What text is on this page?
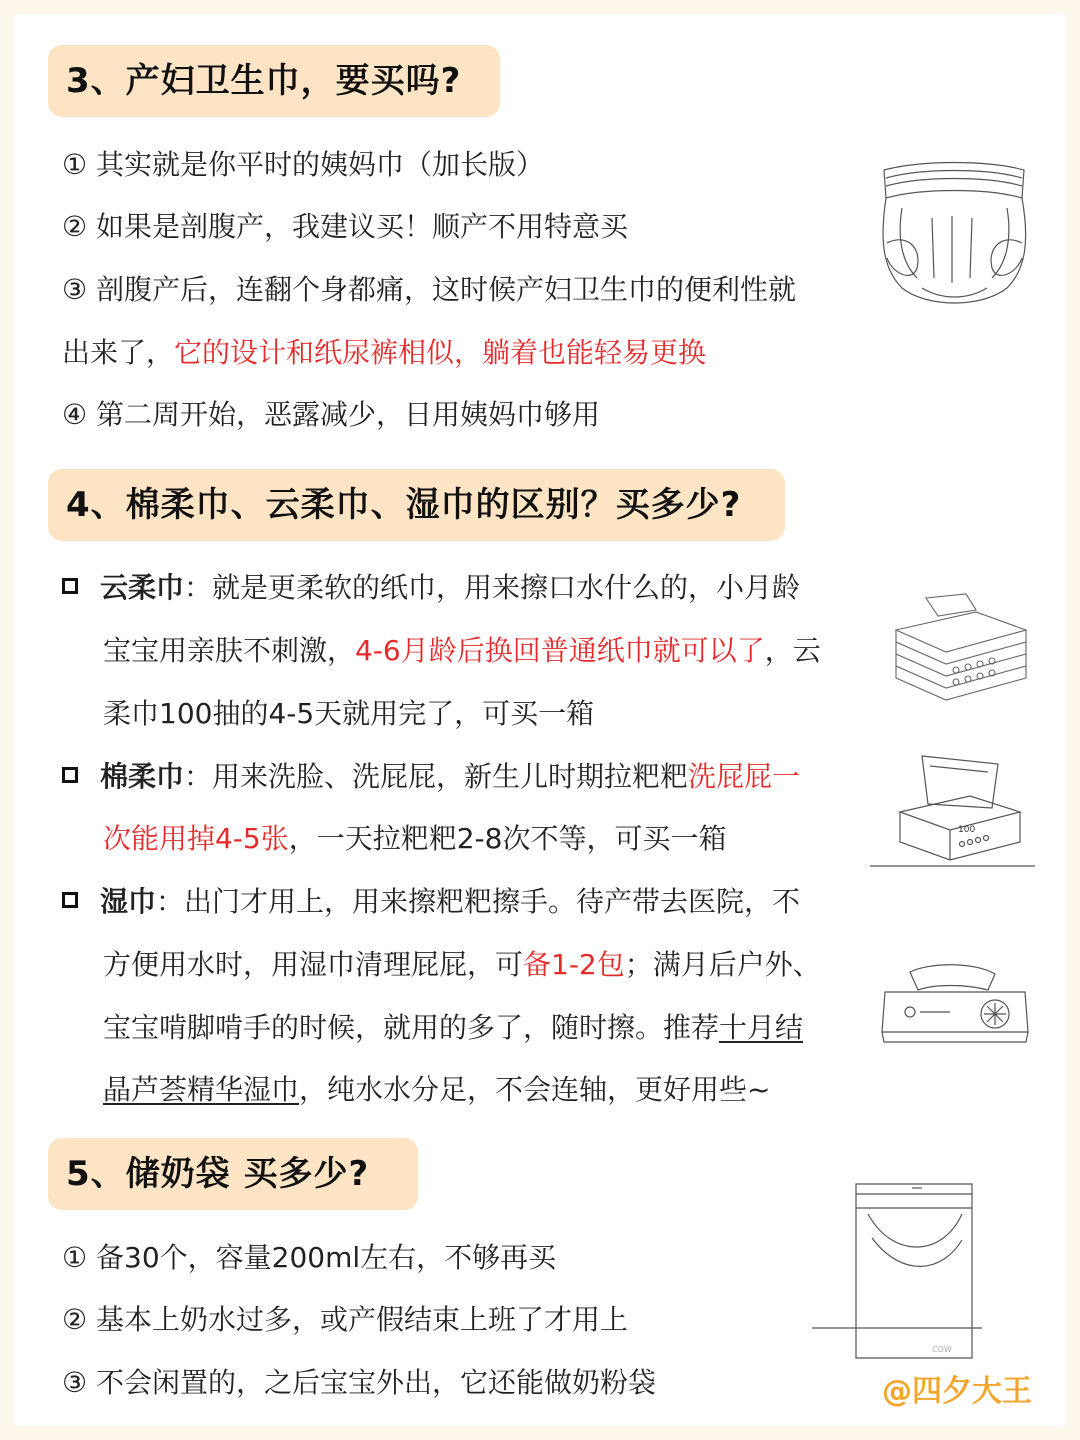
3、产妇卫生巾，要买吗?
① 其实就是你平时的姨妈巾（加长版）
② 如果是剖腹产，我建议买！顺产不用特意买
③ 剖腹产后，连翻个身都痛，这时候产妇卫生巾的便利性就
出来了，它的设计和纸尿裤相似，躺着也能轻易更换
④ 第二周开始，恶露减少，日用姨妈巾够用
4、棉柔巾、云柔巾、湿巾的区别？买多少?
云柔巾：就是更柔软的纸巾，用来擦口水什么的，小月龄
宝宝用亲肤不刺激，4-6月龄后换回普通纸巾就可以了，云
柔巾100抽的4-5天就用完了，可买一箱
棉柔巾：用来洗脸、洗屁屁，新生儿时期拉粑粑洗屁屁一
次能用掉4-5张，一天拉粑粑2-8次不等，可买一箱
湿巾：出门才用上，用来擦粑粑擦手。待产带去医院，不
方便用水时，用湿巾清理屁屁，可备1-2包；满月后户外、
宝宝啃脚啃手的时候，就用的多了，随时擦。推荐十月结
晶芦荟精华湿巾，纯水水分足，不会连轴，更好用些~
100
5、储奶袋 买多少?
① 备30个，容量200ml左右，不够再买
② 基本上奶水过多，或产假结束上班了才用上
③ 不会闲置的，之后宝宝外出，它还能做奶粉袋
COW
@四夕大王
